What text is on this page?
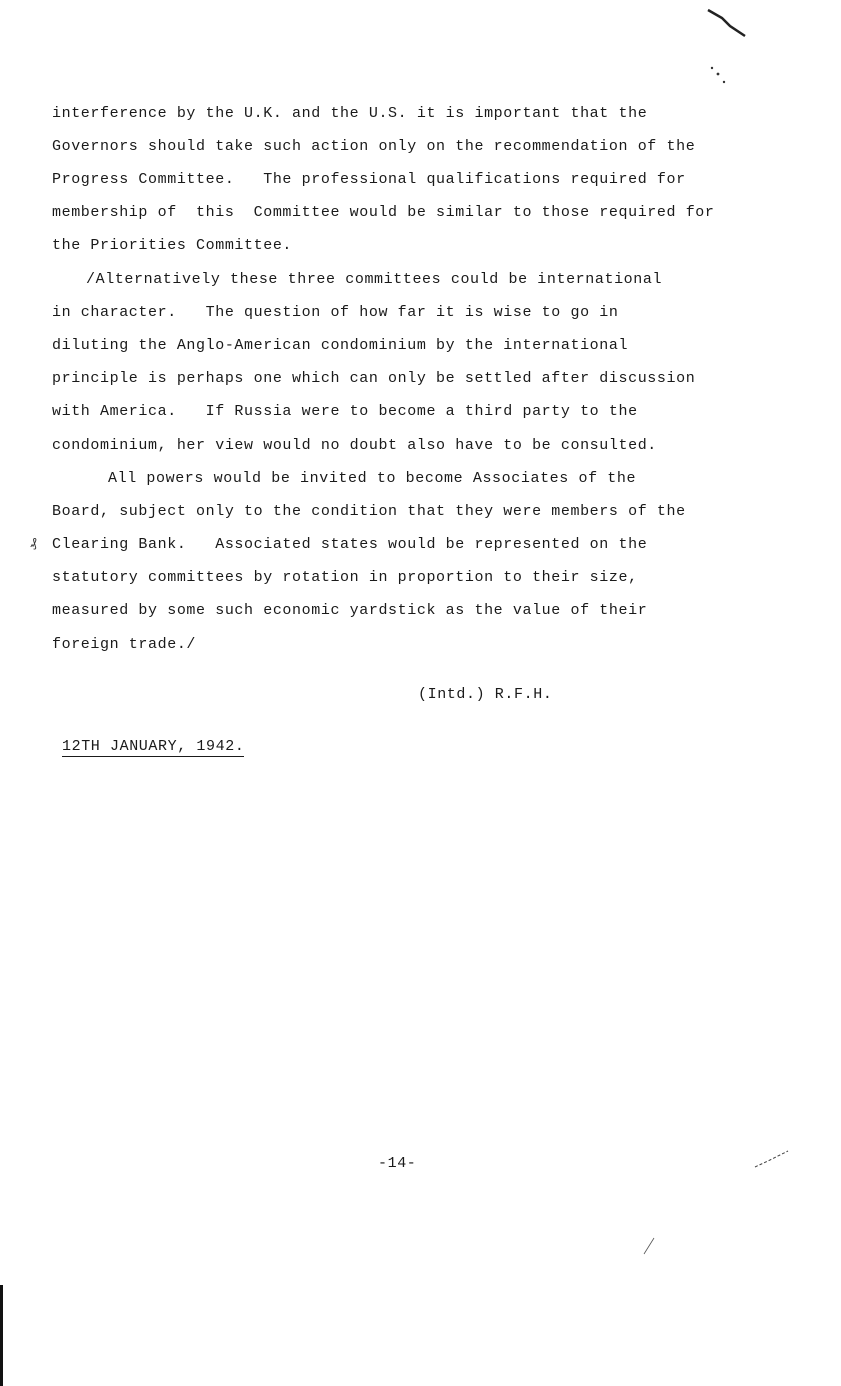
interference by the U.K. and the U.S. it is important that the
Governors should take such action only on the recommendation of the
Progress Committee.   The professional qualifications required for
membership of  this  Committee would be similar to those required for
the Priorities Committee.
/Alternatively these three committees could be international
in character.   The question of how far it is wise to go in
diluting the Anglo-American condominium by the international
principle is perhaps one which can only be settled after discussion
with America.   If Russia were to become a third party to the
condominium, her view would no doubt also have to be consulted.
All powers would be invited to become Associates of the
Board, subject only to the condition that they were members of the
Clearing Bank.   Associated states would be represented on the
statutory committees by rotation in proportion to their size,
measured by some such economic yardstick as the value of their
foreign trade./
₰
(Intd.) R.F.H.
12TH JANUARY, 1942.
-14-
